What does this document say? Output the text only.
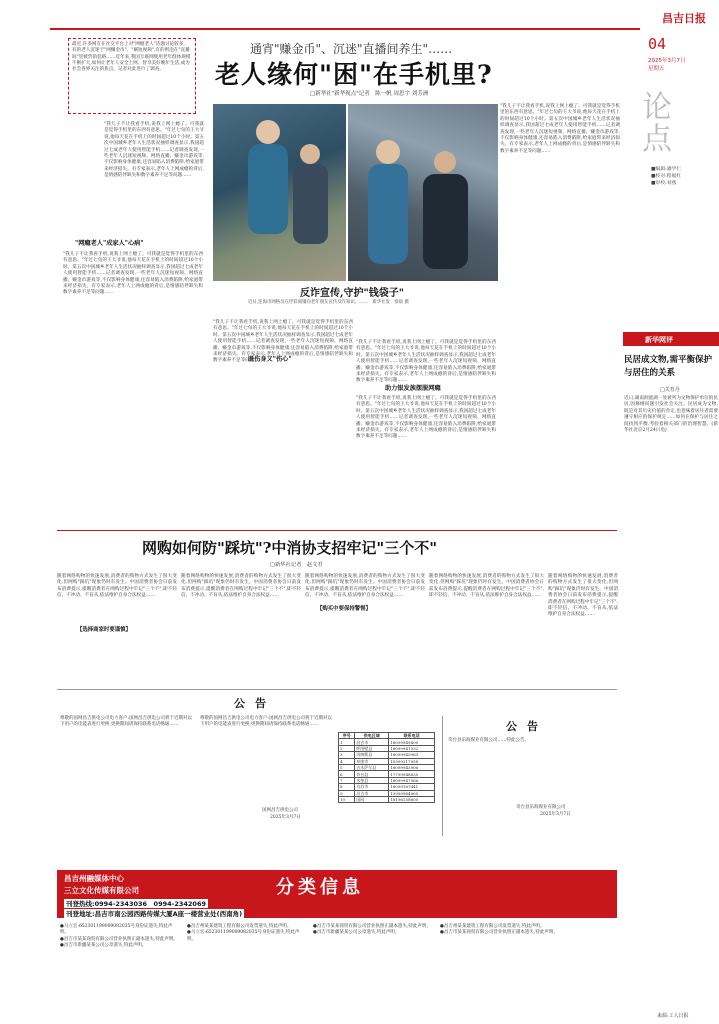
昌吉日报
04
2025年3月7日
星期五
论点
■编辑:潘学仁
■校对:程福红
■审校:刘燕
通宵"赚金币"、沉迷"直播间养生"……
老人缘何"困"在手机里?
□新华社"新华视点"记者　陈一帆 周思宇 刘芳洲
最近,许多网友在社交平台上对"网瘾老人"话题讨论较多。有的老人沉迷于"网赚金币"、"刷短视频",有的则泡在"直播间"里被营销套路……近年来,我国互联网使用老年群体规模不断扩大,如何让老年人安全上网、智享美好晚年生活,成为社会各界关注的焦点。记者对此进行了调查。
"网瘾老人"成家人"心病"
"我儿子不让我看手机,说我上网上瘾了。可我就是觉得手机里的东西有意思。"年过七旬的王大爷说,他每天花在手机上的时间超过10个小时。第五次中国城乡老年人生活状况抽样调查显示,我国超过七成老年人使用智能手机……记者调查发现,一些老年人沉迷短视频、网络直播、赚金币游戏等,不仅影响身体健康,还容易陷入消费陷阱,给家庭带来经济损失。有专家表示,老年人上网成瘾的背后,是情感陪伴缺失和数字素养不足等问题……
"我儿子不让我看手机,说我上网上瘾了。可我就是觉得手机里的东西有意思。"年过七旬的王大爷说,他每天花在手机上的时间超过10个小时。第五次中国城乡老年人生活状况抽样调查显示,我国超过七成老年人使用智能手机……记者调查发现,一些老年人沉迷短视频、网络直播、赚金币游戏等,不仅影响身体健康,还容易陷入消费陷阱,给家庭带来经济损失。有专家表示,老年人上网成瘾的背后,是情感陪伴缺失和数字素养不足等问题……
反诈宣传,守护"钱袋子"
近日,连海市网格员在浮彩商铺向老年朋友宣传反诈知识。……　新华社发　徐晨 摄
"我儿子不让我看手机,说我上网上瘾了。可我就是觉得手机里的东西有意思。"年过七旬的王大爷说,他每天花在手机上的时间超过10个小时。第五次中国城乡老年人生活状况抽样调查显示,我国超过七成老年人使用智能手机……记者调查发现,一些老年人沉迷短视频、网络直播、赚金币游戏等,不仅影响身体健康,还容易陷入消费陷阱,给家庭带来经济损失。有专家表示,老年人上网成瘾的背后,是情感陪伴缺失和数字素养不足等问题……
既伤身又"伤心"
"我儿子不让我看手机,说我上网上瘾了。可我就是觉得手机里的东西有意思。"年过七旬的王大爷说,他每天花在手机上的时间超过10个小时。第五次中国城乡老年人生活状况抽样调查显示,我国超过七成老年人使用智能手机……记者调查发现,一些老年人沉迷短视频、网络直播、赚金币游戏等,不仅影响身体健康,还容易陷入消费陷阱,给家庭带来经济损失。有专家表示,老年人上网成瘾的背后,是情感陪伴缺失和数字素养不足等问题……
"我儿子不让我看手机,说我上网上瘾了。可我就是觉得手机里的东西有意思。"年过七旬的王大爷说,他每天花在手机上的时间超过10个小时。第五次中国城乡老年人生活状况抽样调查显示,我国超过七成老年人使用智能手机……记者调查发现,一些老年人沉迷短视频、网络直播、赚金币游戏等,不仅影响身体健康,还容易陷入消费陷阱,给家庭带来经济损失。有专家表示,老年人上网成瘾的背后,是情感陪伴缺失和数字素养不足等问题……
助力银发族摆脱网瘾
"我儿子不让我看手机,说我上网上瘾了。可我就是觉得手机里的东西有意思。"年过七旬的王大爷说,他每天花在手机上的时间超过10个小时。第五次中国城乡老年人生活状况抽样调查显示,我国超过七成老年人使用智能手机……记者调查发现,一些老年人沉迷短视频、网络直播、赚金币游戏等,不仅影响身体健康,还容易陷入消费陷阱,给家庭带来经济损失。有专家表示,老年人上网成瘾的背后,是情感陪伴缺失和数字素养不足等问题……
新华网评
民居成文物,需平衡保护与居住的关系
□关育丹
近日,湖南洞庭湖一处被列为文物保护单位的民居,因修缮问题引发社会关注。民居成为文物,既是对其历史价值的肯定,也意味着居住者需要遵守相应的保护规定……如何在保护与居住之间找到平衡,考验着相关部门的治理智慧。(新华社北京2月24日电)
网购如何防"踩坑"?中消协支招牢记"三个不"
□新华社记者　赵文君
随着网络购物的快速发展,消费者的购物方式发生了很大变化,但网购"踩坑"现象仍时有发生。中国消费者协会日前发布消费提示,提醒消费者在网购过程中牢记"三个不",即不轻信、不冲动、不盲从,依法维护自身合法权益……
【选择商家时要谨慎】
随着网络购物的快速发展,消费者的购物方式发生了很大变化,但网购"踩坑"现象仍时有发生。中国消费者协会日前发布消费提示,提醒消费者在网购过程中牢记"三个不",即不轻信、不冲动、不盲从,依法维护自身合法权益……
随着网络购物的快速发展,消费者的购物方式发生了很大变化,但网购"踩坑"现象仍时有发生。中国消费者协会日前发布消费提示,提醒消费者在网购过程中牢记"三个不",即不轻信、不冲动、不盲从,依法维护自身合法权益……
【购买中要保持警惕】
随着网络购物的快速发展,消费者的购物方式发生了很大变化,但网购"踩坑"现象仍时有发生。中国消费者协会日前发布消费提示,提醒消费者在网购过程中牢记"三个不",即不轻信、不冲动、不盲从,依法维护自身合法权益……
随着网络购物的快速发展,消费者的购物方式发生了很大变化,但网购"踩坑"现象仍时有发生。中国消费者协会日前发布消费提示,提醒消费者在网购过程中牢记"三个不",即不轻信、不冲动、不盲从,依法维护自身合法权益……
公告
尊敬的国网昌吉供电公司电力客户:国网昌吉供电公司将于近期对以下用户的电能表进行更换,更换期间请保持联系电话畅通……
尊敬的国网昌吉供电公司电力客户:国网昌吉供电公司将于近期对以下用户的电能表进行更换,更换期间请保持联系电话畅通……
序号	供电区域	联系电话
1	昌吉市	18099949800
2	呼图壁县	18099941932
3	玛纳斯县	18099945963
4	阜康市	15999317958
5	吉木萨尔县	18099943906
6	奇台县	17799948835
7	木垒县	18099947566
8	乌苏市	18099167441
9	昌吉市	13999964065
10	国网	18196158600
国网昌吉供电公司
2025年3月7日
公告
奇台县乐海煤业有限公司……特此公告。
奇台县乐海煤业有限公司
2025年3月7日
昌吉州融媒体中心
三立文化传媒有限公司	分类信息
刊登热线:0994-2343036　0994-2342069
刊登地址:昌吉市南公园西路传媒大厦A座一楼营业处(西南角)
●马立宏:652301199009082035号身份证遗失,特此声明。
●昌吉市某某商贸有限公司营业执照正副本遗失,特此声明。
●昌吉市新疆某某公司公章遗失,特此声明。
●昌吉州某某建筑工程有限公司发票遗失,特此声明。
●马立宏:652301199009082035号身份证遗失,特此声明。
●昌吉市某某商贸有限公司营业执照正副本遗失,特此声明。
●昌吉市新疆某某公司公章遗失,特此声明。
●昌吉州某某建筑工程有限公司发票遗失,特此声明。
●昌吉市某某商贸有限公司营业执照正副本遗失,特此声明。
来源:工人日报
